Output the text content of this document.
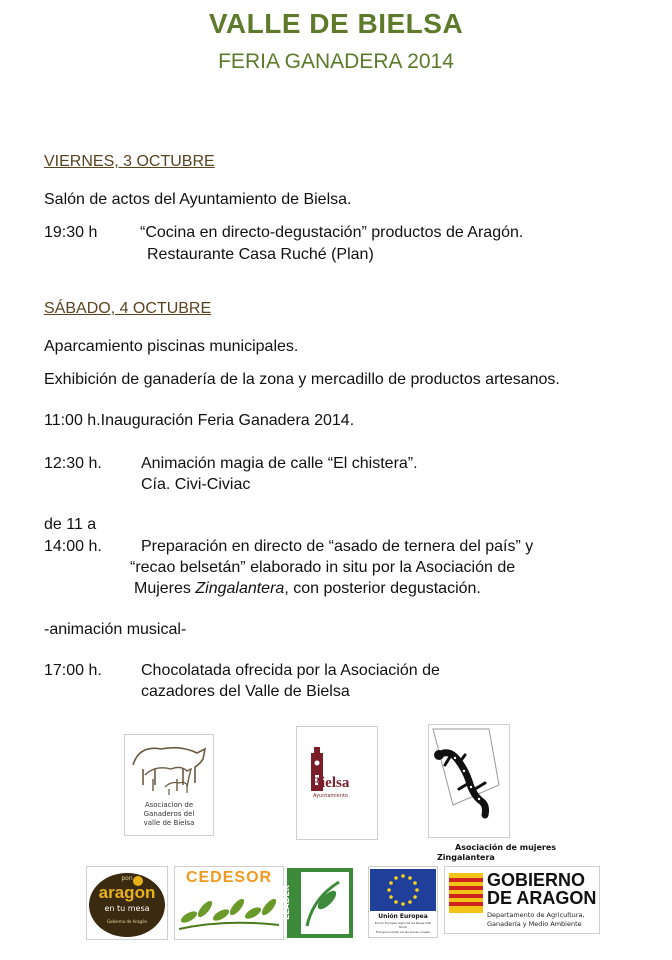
VALLE DE BIELSA
FERIA GANADERA 2014
VIERNES, 3 OCTUBRE
Salón de actos del Ayuntamiento de Bielsa.
19:30 h	“Cocina en directo-degustación” productos de Aragón.
Restaurante Casa Ruché (Plan)
SÁBADO, 4 OCTUBRE
Aparcamiento piscinas municipales.
Exhibición de ganadería de la zona y mercadillo de productos artesanos.
11:00 h.Inauguración Feria Ganadera 2014.
12:30 h. Animación magia de calle “El chistera”.
Cía. Civi-Civiac
de 11 a
14:00 h. Preparación en directo de “asado de ternera del país” y
“recao belsetán” elaborado in situ por la Asociación de
Mujeres Zingalantera, con posterior degustación.
-animación musical-
17:00 h. Chocolatada ofrecida por la Asociación de
cazadores del Valle de Bielsa
Asociacion de
Ganaderos del
valle de Bielsa
Bielsa
Ayuntamiento
Asociación de mujeres
Zingalantera
pon
aragon
en tu mesa
Gobierno de Aragón
CEDESOR
LEADER	Unión Europea
Fondo Europeo Agrícola de Desarrollo Rural
Europa invierte en las zonas rurales
GOBIERNO
DE ARAGON
Departamento de Agricultura,
Ganadería y Medio Ambiente
